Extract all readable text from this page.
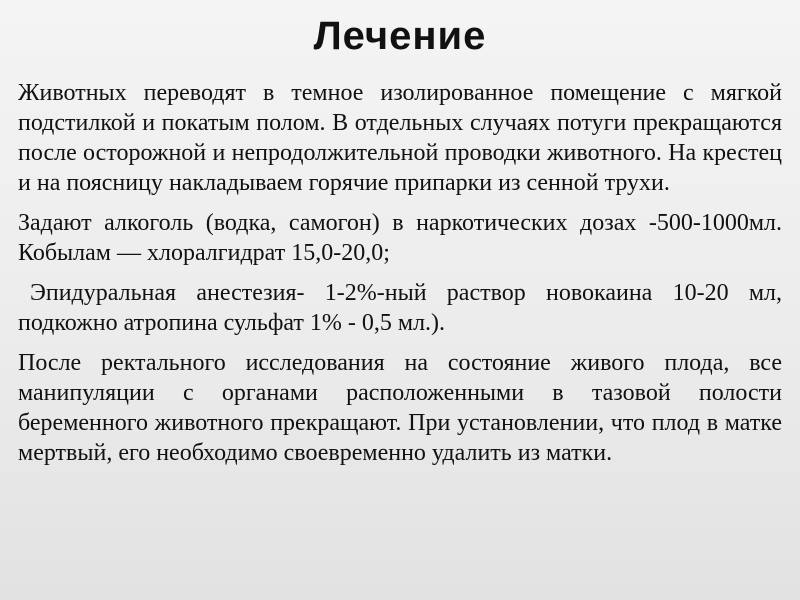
Лечение

Животных переводят в темное изолированное помещение с мягкой подстилкой и покатым полом. В отдельных случаях потуги прекращаются после осторожной и непродолжительной проводки животного. На крестец и на поясницу накладываем горячие припарки из сенной трухи.

Задают алкоголь (водка, самогон) в наркотических дозах -500-1000мл. Кобылам — хлоралгидрат 15,0-20,0;

Эпидуральная анестезия- 1-2%-ный раствор новокаина 10-20 мл, подкожно атропина сульфат 1% - 0,5 мл.).

После ректального исследования на состояние живого плода, все манипуляции с органами расположенными в тазовой полости беременного животного прекращают. При установлении, что плод в матке мертвый, его необходимо своевременно удалить из матки.
